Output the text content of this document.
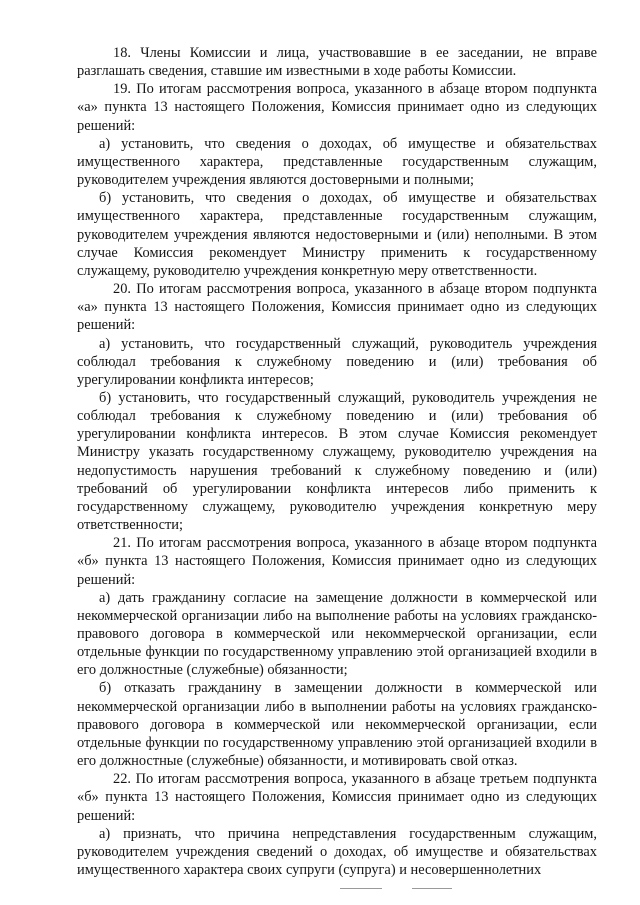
18. Члены Комиссии и лица, участвовавшие в ее заседании, не вправе разглашать сведения, ставшие им известными в ходе работы Комиссии.

19. По итогам рассмотрения вопроса, указанного в абзаце втором подпункта «а» пункта 13 настоящего Положения, Комиссия принимает одно из следующих решений:

а) установить, что сведения о доходах, об имуществе и обязательствах имущественного характера, представленные государственным служащим, руководителем учреждения являются достоверными и полными;

б) установить, что сведения о доходах, об имуществе и обязательствах имущественного характера, представленные государственным служащим, руководителем учреждения являются недостоверными и (или) неполными. В этом случае Комиссия рекомендует Министру применить к государственному служащему, руководителю учреждения конкретную меру ответственности.

20. По итогам рассмотрения вопроса, указанного в абзаце втором подпункта «а» пункта 13 настоящего Положения, Комиссия принимает одно из следующих решений:

а) установить, что государственный служащий, руководитель учреждения соблюдал требования к служебному поведению и (или) требования об урегулировании конфликта интересов;

б) установить, что государственный служащий, руководитель учреждения не соблюдал требования к служебному поведению и (или) требования об урегулировании конфликта интересов. В этом случае Комиссия рекомендует Министру указать государственному служащему, руководителю учреждения на недопустимость нарушения требований к служебному поведению и (или) требований об урегулировании конфликта интересов либо применить к государственному служащему, руководителю учреждения конкретную меру ответственности;

21. По итогам рассмотрения вопроса, указанного в абзаце втором подпункта «б» пункта 13 настоящего Положения, Комиссия принимает одно из следующих решений:

а) дать гражданину согласие на замещение должности в коммерческой или некоммерческой организации либо на выполнение работы на условиях гражданско-правового договора в коммерческой или некоммерческой организации, если отдельные функции по государственному управлению этой организацией входили в его должностные (служебные) обязанности;

б) отказать гражданину в замещении должности в коммерческой или некоммерческой организации либо в выполнении работы на условиях гражданско-правового договора в коммерческой или некоммерческой организации, если отдельные функции по государственному управлению этой организацией входили в его должностные (служебные) обязанности, и мотивировать свой отказ.

22. По итогам рассмотрения вопроса, указанного в абзаце третьем подпункта «б» пункта 13 настоящего Положения, Комиссия принимает одно из следующих решений:

а) признать, что причина непредставления государственным служащим, руководителем учреждения сведений о доходах, об имуществе и обязательствах имущественного характера своих супруги (супруга) и несовершеннолетних
